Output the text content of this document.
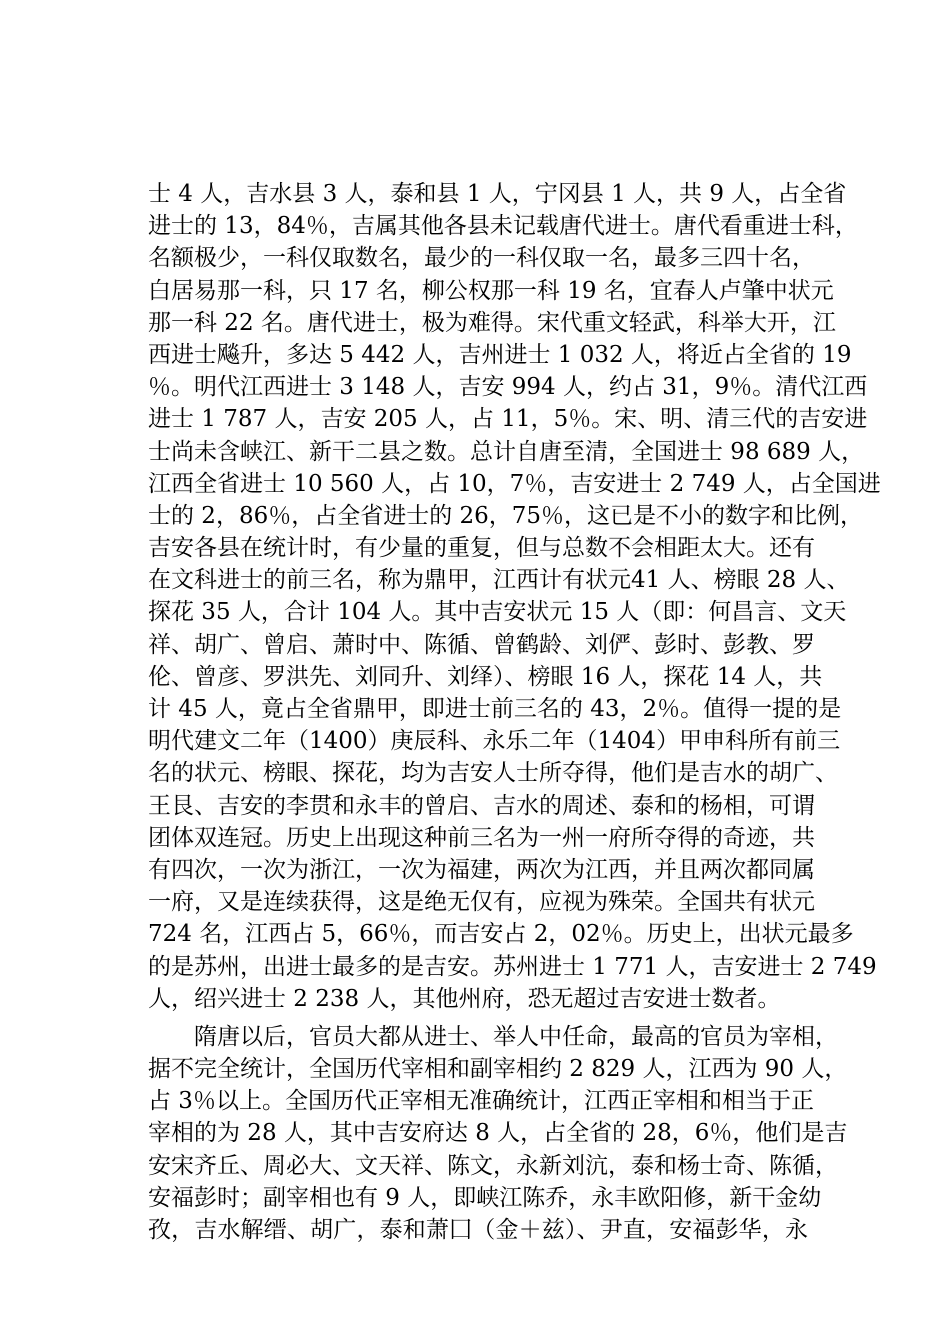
士 4 人，吉水县 3 人，泰和县 1 人，宁冈县 1 人，共 9 人，占全省
进士的 13，84％，吉属其他各县未记载唐代进士。唐代看重进士科，
名额极少，一科仅取数名，最少的一科仅取一名，最多三四十名，
白居易那一科，只 17 名，柳公权那一科 19 名，宜春人卢肇中状元
那一科 22 名。唐代进士，极为难得。宋代重文轻武，科举大开，江
西进士飚升，多达 5 442 人，吉州进士 1 032 人，将近占全省的 19
％。明代江西进士 3 148 人，吉安 994 人，约占 31，9％。清代江西
进士 1 787 人，吉安 205 人，占 11，5％。宋、明、清三代的吉安进
士尚未含峡江、新干二县之数。总计自唐至清，全国进士 98 689 人，
江西全省进士 10 560 人，占 10，7％，吉安进士 2 749 人，占全国进
士的 2，86％，占全省进士的 26，75％，这已是不小的数字和比例，
吉安各县在统计时，有少量的重复，但与总数不会相距太大。还有
在文科进士的前三名，称为鼎甲，江西计有状元41 人、榜眼 28 人、
探花 35 人，合计 104 人。其中吉安状元 15 人（即：何昌言、文天
祥、胡广、曾启、萧时中、陈循、曾鹤龄、刘俨、彭时、彭教、罗
伦、曾彦、罗洪先、刘同升、刘绎）、榜眼 16 人，探花 14 人，共
计 45 人，竟占全省鼎甲，即进士前三名的 43，2％。值得一提的是
明代建文二年（1400）庚辰科、永乐二年（1404）甲申科所有前三
名的状元、榜眼、探花，均为吉安人士所夺得，他们是吉水的胡广、
王艮、吉安的李贯和永丰的曾启、吉水的周述、泰和的杨相，可谓
团体双连冠。历史上出现这种前三名为一州一府所夺得的奇迹，共
有四次，一次为浙江，一次为福建，两次为江西，并且两次都同属
一府，又是连续获得，这是绝无仅有，应视为殊荣。全国共有状元
724 名，江西占 5，66％，而吉安占 2，02％。历史上，出状元最多
的是苏州，出进士最多的是吉安。苏州进士 1 771 人，吉安进士 2 749
人，绍兴进士 2 238 人，其他州府，恐无超过吉安进士数者。
隋唐以后，官员大都从进士、举人中任命，最高的官员为宰相，
据不完全统计，全国历代宰相和副宰相约 2 829 人，江西为 90 人，
占 3％以上。全国历代正宰相无准确统计，江西正宰相和相当于正
宰相的为 28 人，其中吉安府达 8 人，占全省的 28，6％，他们是吉
安宋齐丘、周必大、文天祥、陈文，永新刘沆，泰和杨士奇、陈循，
安福彭时；副宰相也有 9 人，即峡江陈乔，永丰欧阳修，新干金幼
孜，吉水解缙、胡广，泰和萧囗（金＋兹）、尹直，安福彭华，永
